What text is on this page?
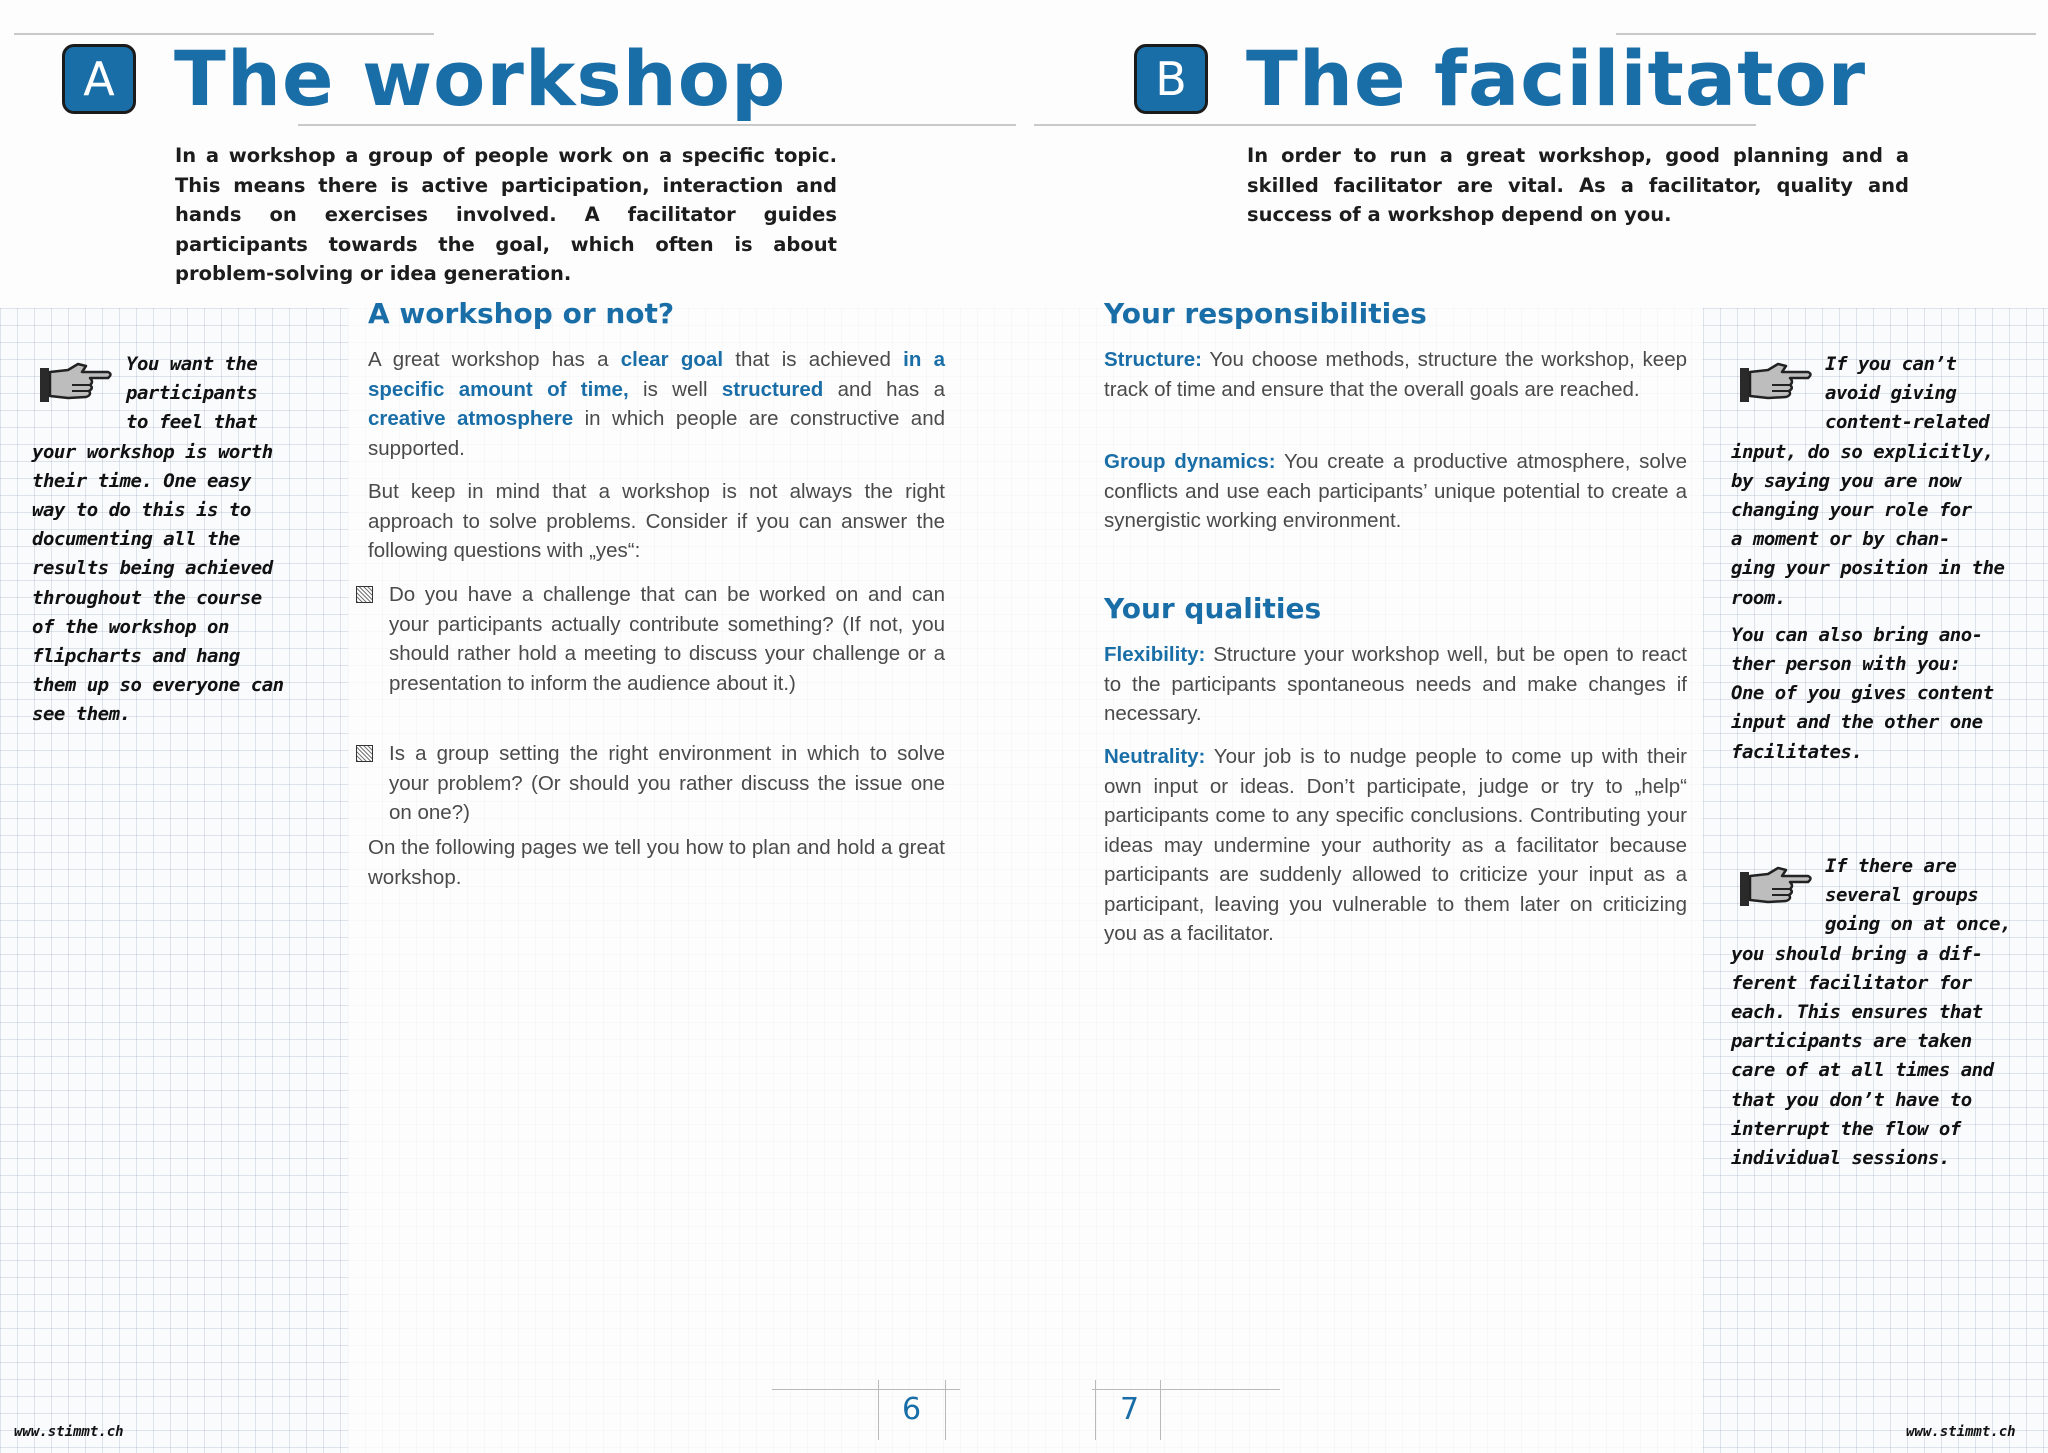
A The workshop
In a workshop a group of people work on a specific topic. This means there is active participation, interaction and hands on exercises involved. A facilitator guides participants towards the goal, which often is about problem-solving or idea generation.
A workshop or not?
A great workshop has a clear goal that is achieved in a specific amount of time, is well structured and has a creative atmosphere in which people are constructive and supported.
But keep in mind that a workshop is not always the right approach to solve problems. Consider if you can answer the following questions with „yes“:
Do you have a challenge that can be worked on and can your participants actually contribute something? (If not, you should rather hold a meeting to discuss your challenge or a presentation to inform the audience about it.)
Is a group setting the right environment in which to solve your problem? (Or should you rather discuss the issue one on one?)
On the following pages we tell you how to plan and hold a great workshop.
You want the
participants
to feel that
your workshop is worth
their time. One easy
way to do this is to
documenting all the
results being achieved
throughout the course
of the workshop on
flipcharts and hang
them up so everyone can
see them.
6
www.stimmt.ch
B The facilitator
In order to run a great workshop, good planning and a skilled facilitator are vital. As a facilitator, quality and success of a workshop depend on you.
Your responsibilities
Structure: You choose methods, structure the workshop, keep track of time and ensure that the overall goals are reached.
Group dynamics: You create a productive atmosphere, solve conflicts and use each participants’ unique potential to create a synergistic working environment.
Your qualities
Flexibility: Structure your workshop well, but be open to react to the participants spontaneous needs and make changes if necessary.
Neutrality: Your job is to nudge people to come up with their own input or ideas. Don’t participate, judge or try to „help“ participants come to any specific conclusions. Contributing your ideas may undermine your authority as a facilitator because participants are suddenly allowed to criticize your input as a participant, leaving you vulnerable to them later on criticizing you as a facilitator.
If you can’t
avoid giving
content-related
input, do so explicitly,
by saying you are now
changing your role for
a moment or by chan-
ging your position in the
room.
You can also bring ano-
ther person with you:
One of you gives content
input and the other one
facilitates.
If there are
several groups
going on at once,
you should bring a dif-
ferent facilitator for
each. This ensures that
participants are taken
care of at all times and
that you don’t have to
interrupt the flow of
individual sessions.
7
www.stimmt.ch
